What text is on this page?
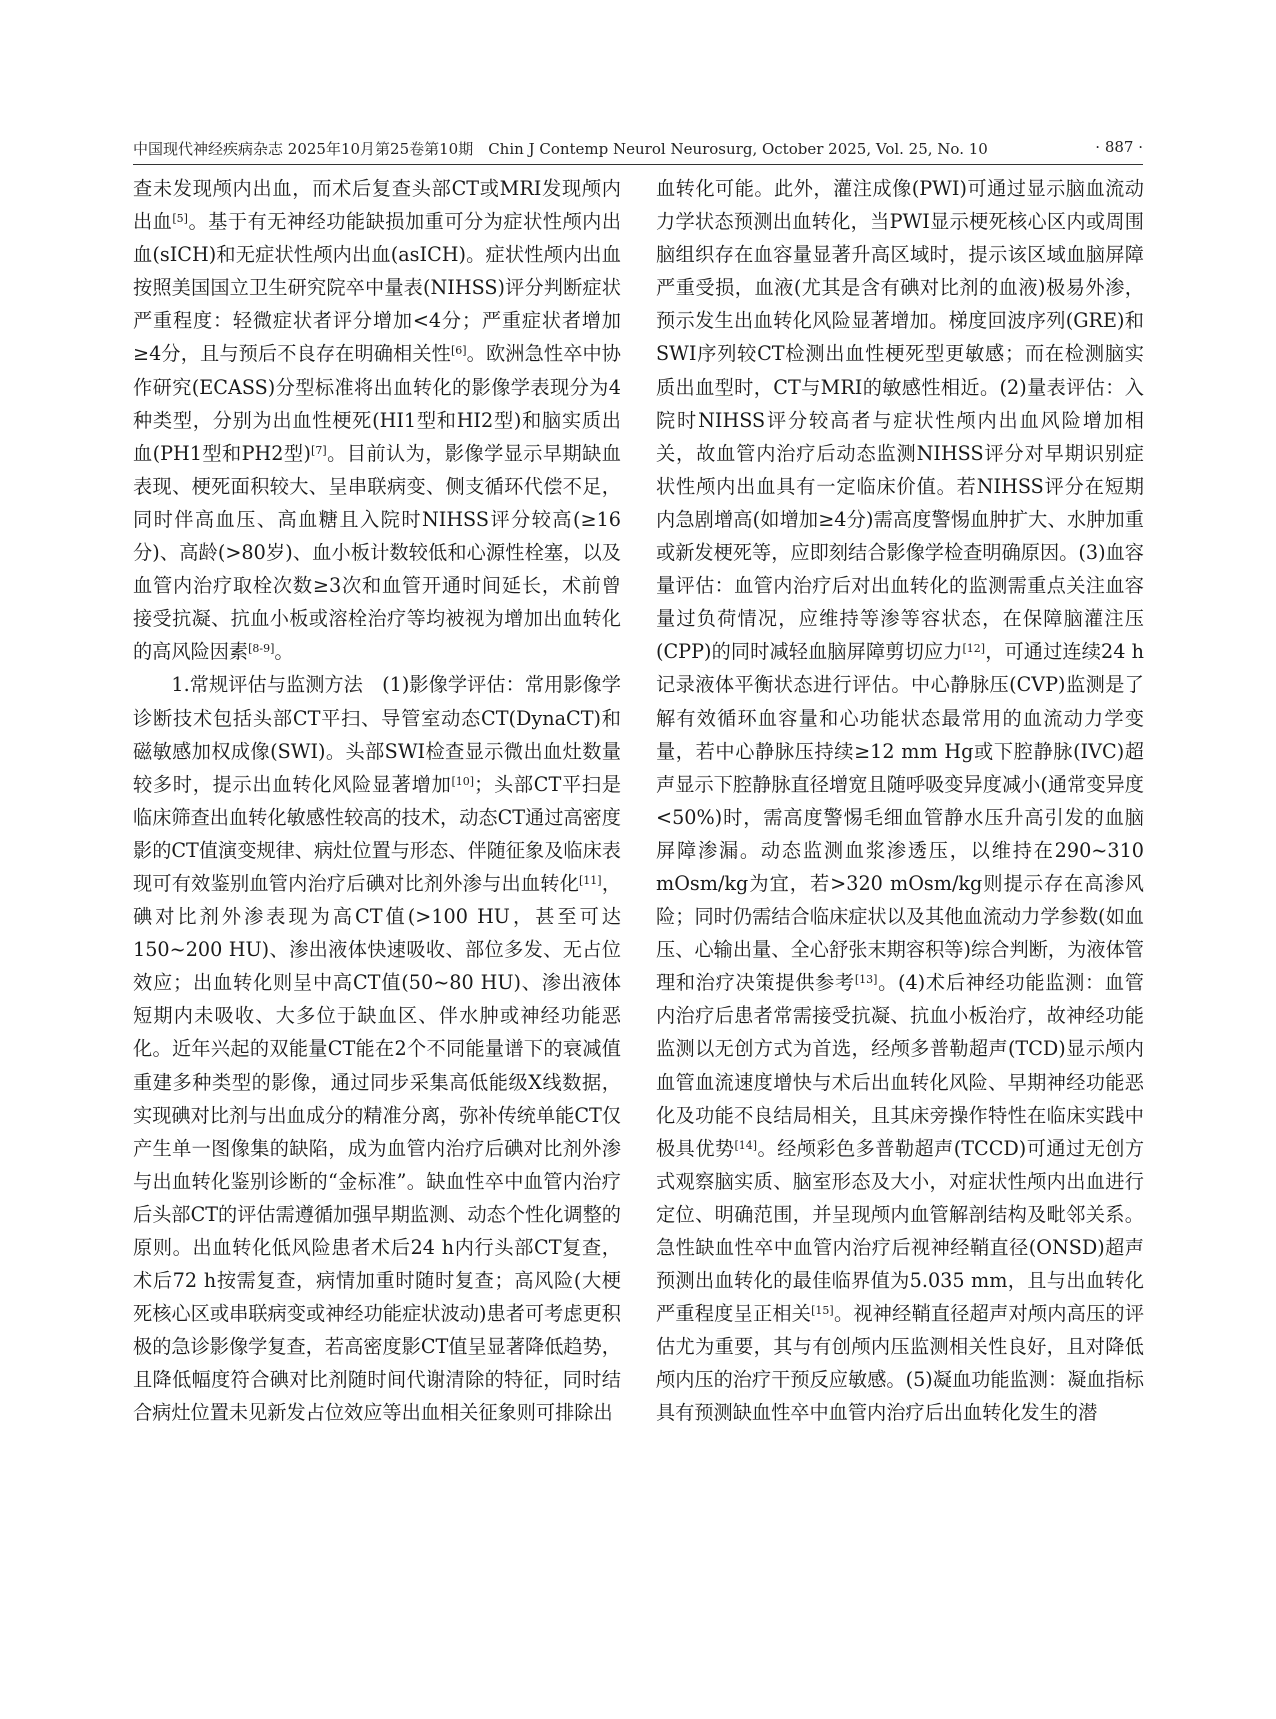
中国现代神经疾病杂志 2025年10月第25卷第10期　Chin J Contemp Neurol Neurosurg, October 2025, Vol. 25, No. 10	· 887 ·

查未发现颅内出血，而术后复查头部CT或MRI发现颅内出血[5]。基于有无神经功能缺损加重可分为症状性颅内出血(sICH)和无症状性颅内出血(asICH)。症状性颅内出血按照美国国立卫生研究院卒中量表(NIHSS)评分判断症状严重程度：轻微症状者评分增加<4分；严重症状者增加≥4分，且与预后不良存在明确相关性[6]。欧洲急性卒中协作研究(ECASS)分型标准将出血转化的影像学表现分为4种类型，分别为出血性梗死(HI1型和HI2型)和脑实质出血(PH1型和PH2型)[7]。目前认为，影像学显示早期缺血表现、梗死面积较大、呈串联病变、侧支循环代偿不足，同时伴高血压、高血糖且入院时NIHSS评分较高(≥16分)、高龄(>80岁)、血小板计数较低和心源性栓塞，以及血管内治疗取栓次数≥3次和血管开通时间延长，术前曾接受抗凝、抗血小板或溶栓治疗等均被视为增加出血转化的高风险因素[8-9]。

1.常规评估与监测方法　(1)影像学评估：常用影像学诊断技术包括头部CT平扫、导管室动态CT(DynaCT)和磁敏感加权成像(SWI)。头部SWI检查显示微出血灶数量较多时，提示出血转化风险显著增加[10]；头部CT平扫是临床筛查出血转化敏感性较高的技术，动态CT通过高密度影的CT值演变规律、病灶位置与形态、伴随征象及临床表现可有效鉴别血管内治疗后碘对比剂外渗与出血转化[11]，碘对比剂外渗表现为高CT值(>100 HU，甚至可达150~200 HU)、渗出液体快速吸收、部位多发、无占位效应；出血转化则呈中高CT值(50~80 HU)、渗出液体短期内未吸收、大多位于缺血区、伴水肿或神经功能恶化。近年兴起的双能量CT能在2个不同能量谱下的衰减值重建多种类型的影像，通过同步采集高低能级X线数据，实现碘对比剂与出血成分的精准分离，弥补传统单能CT仅产生单一图像集的缺陷，成为血管内治疗后碘对比剂外渗与出血转化鉴别诊断的“金标准”。缺血性卒中血管内治疗后头部CT的评估需遵循加强早期监测、动态个性化调整的原则。出血转化低风险患者术后24 h内行头部CT复查，术后72 h按需复查，病情加重时随时复查；高风险(大梗死核心区或串联病变或神经功能症状波动)患者可考虑更积极的急诊影像学复查，若高密度影CT值呈显著降低趋势，且降低幅度符合碘对比剂随时间代谢清除的特征，同时结合病灶位置未见新发占位效应等出血相关征象则可排除出

血转化可能。此外，灌注成像(PWI)可通过显示脑血流动力学状态预测出血转化，当PWI显示梗死核心区内或周围脑组织存在血容量显著升高区域时，提示该区域血脑屏障严重受损，血液(尤其是含有碘对比剂的血液)极易外渗，预示发生出血转化风险显著增加。梯度回波序列(GRE)和SWI序列较CT检测出血性梗死型更敏感；而在检测脑实质出血型时，CT与MRI的敏感性相近。(2)量表评估：入院时NIHSS评分较高者与症状性颅内出血风险增加相关，故血管内治疗后动态监测NIHSS评分对早期识别症状性颅内出血具有一定临床价值。若NIHSS评分在短期内急剧增高(如增加≥4分)需高度警惕血肿扩大、水肿加重或新发梗死等，应即刻结合影像学检查明确原因。(3)血容量评估：血管内治疗后对出血转化的监测需重点关注血容量过负荷情况，应维持等渗等容状态，在保障脑灌注压(CPP)的同时减轻血脑屏障剪切应力[12]，可通过连续24 h记录液体平衡状态进行评估。中心静脉压(CVP)监测是了解有效循环血容量和心功能状态最常用的血流动力学变量，若中心静脉压持续≥12 mm Hg或下腔静脉(IVC)超声显示下腔静脉直径增宽且随呼吸变异度减小(通常变异度<50%)时，需高度警惕毛细血管静水压升高引发的血脑屏障渗漏。动态监测血浆渗透压，以维持在290~310 mOsm/kg为宜，若>320 mOsm/kg则提示存在高渗风险；同时仍需结合临床症状以及其他血流动力学参数(如血压、心输出量、全心舒张末期容积等)综合判断，为液体管理和治疗决策提供参考[13]。(4)术后神经功能监测：血管内治疗后患者常需接受抗凝、抗血小板治疗，故神经功能监测以无创方式为首选，经颅多普勒超声(TCD)显示颅内血管血流速度增快与术后出血转化风险、早期神经功能恶化及功能不良结局相关，且其床旁操作特性在临床实践中极具优势[14]。经颅彩色多普勒超声(TCCD)可通过无创方式观察脑实质、脑室形态及大小，对症状性颅内出血进行定位、明确范围，并呈现颅内血管解剖结构及毗邻关系。急性缺血性卒中血管内治疗后视神经鞘直径(ONSD)超声预测出血转化的最佳临界值为5.035 mm，且与出血转化严重程度呈正相关[15]。视神经鞘直径超声对颅内高压的评估尤为重要，其与有创颅内压监测相关性良好，且对降低颅内压的治疗干预反应敏感。(5)凝血功能监测：凝血指标具有预测缺血性卒中血管内治疗后出血转化发生的潜
